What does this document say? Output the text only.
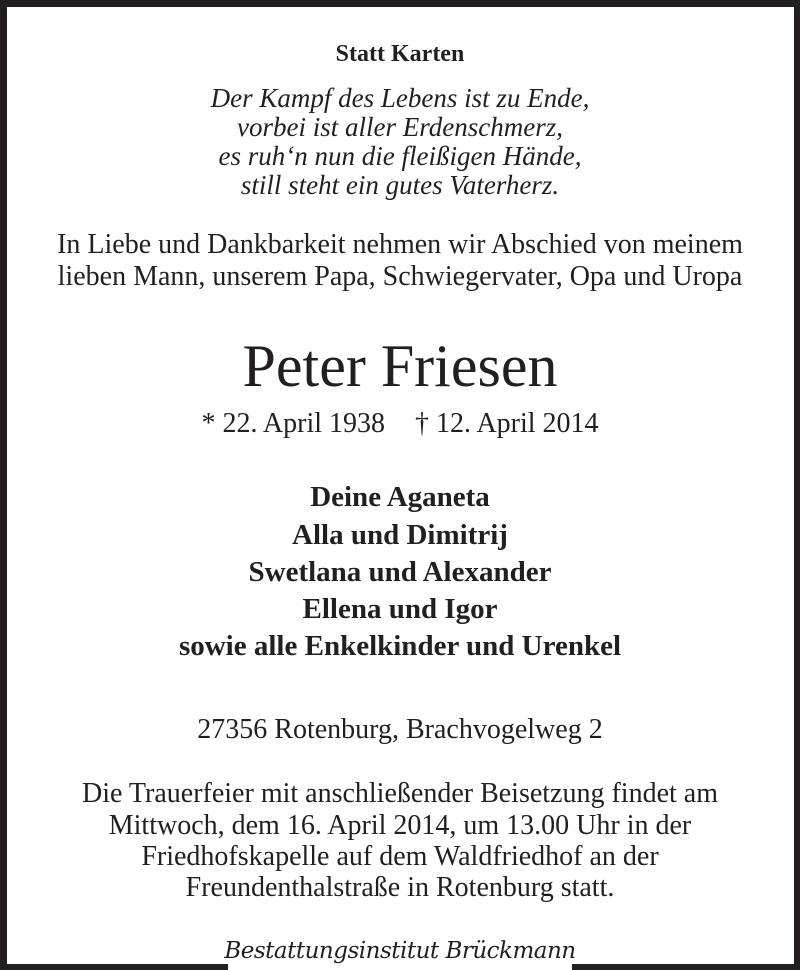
Statt Karten
Der Kampf des Lebens ist zu Ende,
vorbei ist aller Erdenschmerz,
es ruh‘n nun die fleißigen Hände,
still steht ein gutes Vaterherz.
In Liebe und Dankbarkeit nehmen wir Abschied von meinem
lieben Mann, unserem Papa, Schwiegervater, Opa und Uropa
Peter Friesen
* 22. April 1938 † 12. April 2014
Deine Aganeta
Alla und Dimitrij
Swetlana und Alexander
Ellena und Igor
sowie alle Enkelkinder und Urenkel
27356 Rotenburg, Brachvogelweg 2
Die Trauerfeier mit anschließender Beisetzung findet am
Mittwoch, dem 16. April 2014, um 13.00 Uhr in der
Friedhofskapelle auf dem Waldfriedhof an der
Freundenthalstraße in Rotenburg statt.
Bestattungsinstitut Brückmann
